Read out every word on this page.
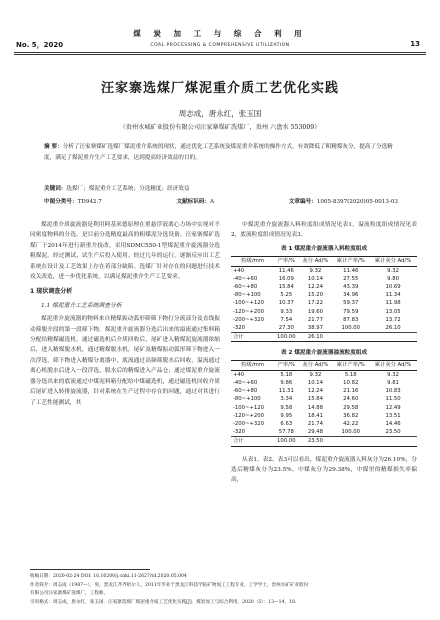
No. 5，2020
煤 炭 加 工 与 综 合 利 用
COAL PROCESSING & COMPREHENSIVE UTILIZATION	13
汪家寨选煤厂煤泥重介质工艺优化实践
周志成，唐永红，张玉国
（贵州水城矿业股份有限公司汪家寨煤矿洗煤厂，贵州 六盘水 553009）
摘 要：分析了汪家寨煤矿选煤厂煤泥重介系统的现状，通过优化工艺系统及煤泥重介系统的操作方式，有效降低了粗精煤灰分，提高了分选精度，满足了煤泥重介生产工艺要求，达到提高经济效益的目的。
关键词：选煤厂；煤泥重介工艺系统；分选精度；经济效益
中图分类号：TD942.7	文献标识码：A	文章编号：1005-8397(2020)05-0013-03

煤泥重介质旋流器是利用阿基米德原理在重悬浮液离心力场中实现对不同密度物料的分选，是目前分选精度最高的粗煤泥分选设备。汪家寨煤矿选煤厂于2014年进行新重介技改，采用SDMC550-1型煤泥重介旋流器分选粗煤泥。经过测试、试生产后投入使用。经过几年的运行，逐渐反应出工艺系统在设计及工艺效果上存在着部分缺陷。选煤厂针对存在的问题进行技术攻关改造，进一步优化系统，以满足煤泥重介生产工艺要求。

1 现状调查分析
1.1 煤泥重介工艺系统调查分析

煤泥重介旋流器的物料来自精煤振动弧形筛筛下物打分流部分及直线振动筛脱介段的第一段筛下物。煤泥重介旋流器分选后出来的溢流通过集料箱分配给精煤磁选机，通过磁选机后介质回收后，尾矿进入精煤泥旋流器浓缩后，进入精煤脱水机，通过精煤脱水机，尾矿及精煤振动弧形筛下物进入一次浮选，筛下物进入精煤分离器中，底流通过高频筛脱水后回收，溢流通过离心机脱水后进入一段浮选，脱水后的精煤进入产品仓；通过煤泥重介旋流器分选出来的底流通过中煤泥料箱分配给中煤磁选机，通过磁选机回收介质后尾矿进入转排旋流器，针对系统在生产过程中存在的问题，通过对其进行了工艺性能测试，其

中煤泥重介旋流器入料粒度组成情况见表1，溢流粒度组成情况见表2，底流粒度组成情况见表3。

表 1 煤泥重介旋流器入料粒度组成
粒级/mm	产率/%	灰分 Ad/%	累计产率/%	累计灰分 Ad/%
+40	11.46	9.32	11.46	9.32
-40~+60	16.09	10.14	27.55	9.80
-60~+80	15.84	12.24	43.39	10.69
-80~+100	5.25	15.20	34.96	11.34
-100~+120	10.37	17.22	59.37	11.98
-120~+200	9.33	19.60	79.59	13.05
-200~+320	7.54	21.77	87.83	13.72
-320	27.30	38.97	100.00	26.10
合计	100.00	26.10		
表 2 煤泥重介旋流器溢流粒度组成
粒级/mm	产率/%	灰分 Ad/%	累计产率/%	累计灰分 Ad/%
+40	5.18	9.32	5.18	9.32
-40~+60	9.86	10.14	10.82	9.81
-60~+80	11.31	12.24	21.16	10.83
-80~+100	3.34	15.84	24.60	11.50
-100~+120	9.58	14.88	29.58	12.49
-120~+200	9.95	18.41	36.82	13.51
-200~+320	6.63	21.74	42.22	14.46
-320	57.78	29.48	100.00	23.50
合计	100.00	23.50		

从表1、表2、表3可以看出，煤泥重介旋流器入料灰分为26.10%，分选后精煤灰分为23.5%，中煤灰分为29.38%，中煤里的精煤损失率偏高，

收稿日期：2020-02-24 DOI: 10.16200/j.cnki.11-2627/td.2020.05.004
作者简介：周志成（1987—），男，黑龙江齐齐哈尔人，2011年毕业于黑龙江科技学院矿物加工工程专业，工学学士，贵州水矿矿业股份
有限公司汪家寨煤矿洗煤厂，工程师。
引用格式：周志成，唐永红，张玉国．汪家寨选煤厂煤泥重介质工艺优化实践[J]．煤炭加工与综合利用，2020（5）：13—14，18.
